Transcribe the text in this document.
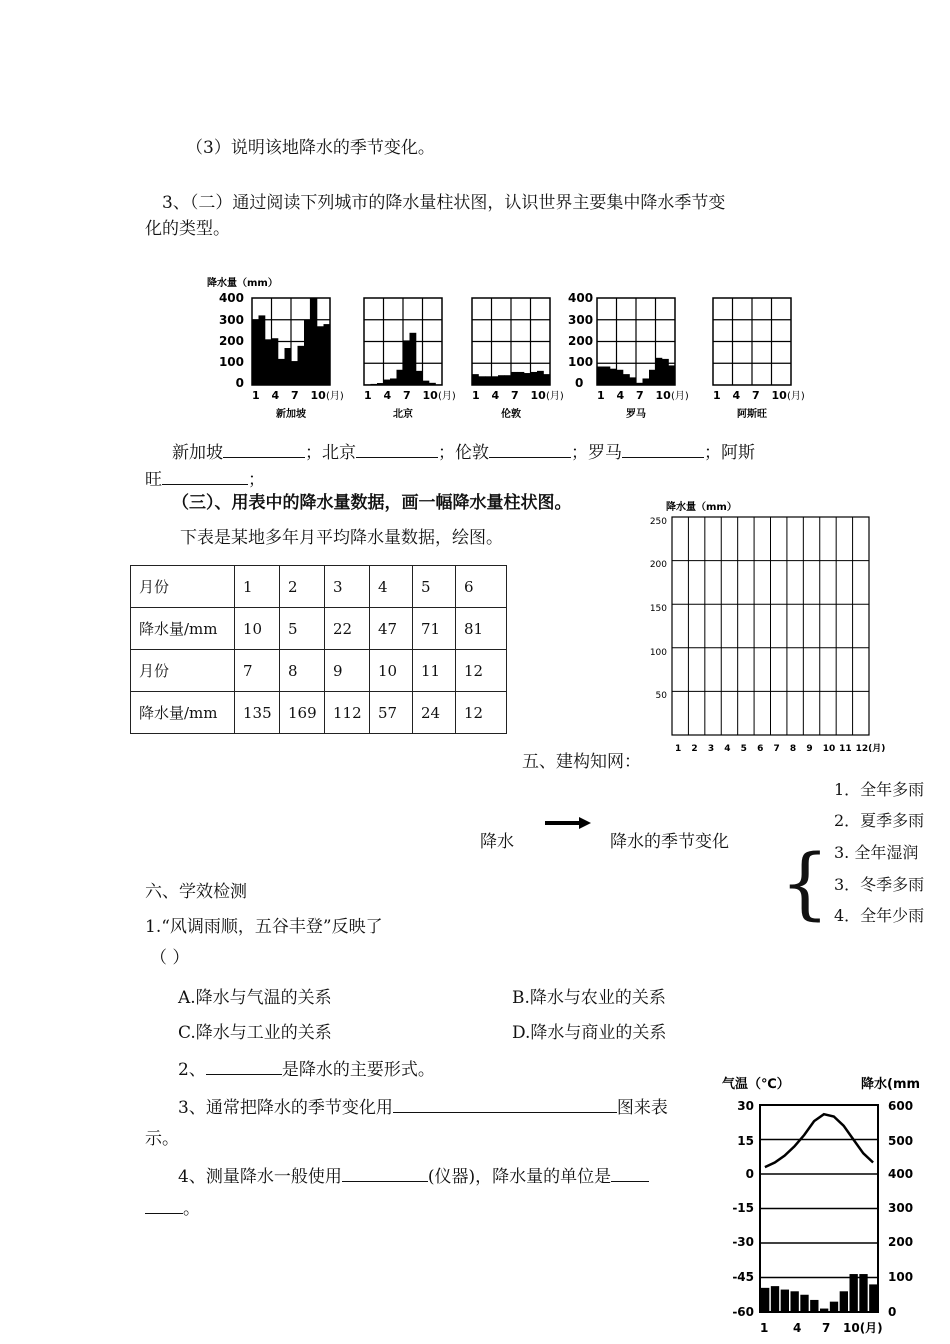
（3）说明该地降水的季节变化。
3、（二）通过阅读下列城市的降水量柱状图，认识世界主要集中降水季节变
化的类型。
降水量（mm）
400
300
200
100
0
1 4 7 10 (月)
新加坡
1 4 7 10 (月)
北京
1 4 7 10 (月)
伦敦
1 4 7 10 (月)
罗马
1 4 7 10 (月)
阿斯旺
400
300
200
100
0
新加坡	；北京	；伦敦	；罗马	；阿斯
旺	；
（三）、用表中的降水量数据，画一幅降水量柱状图。
下表是某地多年月平均降水量数据，绘图。
月份	1	2	3	4	5	6
降水量/mm	10	5	22	47	71	81
月份	7	8	9	10	11	12
降水量/mm	135	169	112	57	24	12
降水量（mm）
250
200
150
100
50
1 2 3 4 5 6 7 8 9 10 11 12(月)
五、建构知网：
降水	降水的季节变化 {
1．全年多雨
2．夏季多雨
3. 全年湿润
3．冬季多雨
4．全年少雨
六、学效检测
1.“风调雨顺，五谷丰登”反映了
（ ）
A.降水与气温的关系	B.降水与农业的关系
C.降水与工业的关系	D.降水与商业的关系
2、	是降水的主要形式。
3、通常把降水的季节变化用	图来表
示。
4、测量降水一般使用	(仪器)，降水量的单位是
。
气温（℃）	降水(mm
30
15
0
-15
-30
-45
-60
600
500
400
300
200
100
0
1 4 7 10(月)
